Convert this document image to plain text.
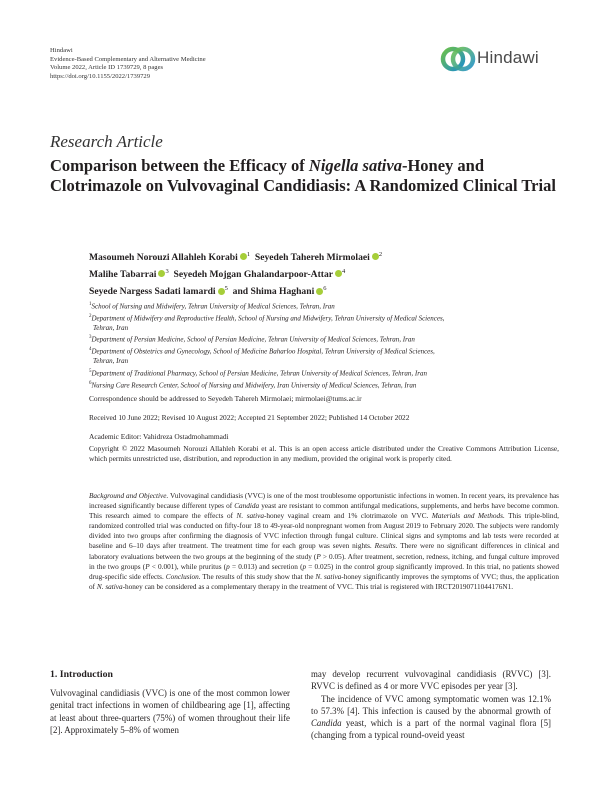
Hindawi
Evidence-Based Complementary and Alternative Medicine
Volume 2022, Article ID 1739729, 8 pages
https://doi.org/10.1155/2022/1739729
Hindawi
Research Article
Comparison between the Efficacy of Nigella sativa-Honey and Clotrimazole on Vulvovaginal Candidiasis: A Randomized Clinical Trial
Masoumeh Norouzi Allahleh Korabi $^1$ Seyedeh Tahereh Mirmolaei $^2$
Malihe Tabarrai $^3$ Seyedeh Mojgan Ghalandarpoor-Attar $^4$
Seyede Nargess Sadati lamardi $^5$ and Shima Haghani $^6$
$^1$School of Nursing and Midwifery, Tehran University of Medical Sciences, Tehran, Iran
$^2$Department of Midwifery and Reproductive Health, School of Nursing and Midwifery, Tehran University of Medical Sciences,
Tehran, Iran
$^3$Department of Persian Medicine, School of Persian Medicine, Tehran University of Medical Sciences, Tehran, Iran
$^4$Department of Obstetrics and Gynecology, School of Medicine Baharloo Hospital, Tehran University of Medical Sciences,
Tehran, Iran
$^5$Department of Traditional Pharmacy, School of Persian Medicine, Tehran University of Medical Sciences, Tehran, Iran
$^6$Nursing Care Research Center, School of Nursing and Midwifery, Iran University of Medical Sciences, Tehran, Iran
Correspondence should be addressed to Seyedeh Tahereh Mirmolaei; mirmolaei@tums.ac.ir
Received 10 June 2022; Revised 10 August 2022; Accepted 21 September 2022; Published 14 October 2022
Academic Editor: Vahidreza Ostadmohammadi
Copyright © 2022 Masoumeh Norouzi Allahleh Korabi et al. This is an open access article distributed under the Creative Commons Attribution License, which permits unrestricted use, distribution, and reproduction in any medium, provided the original work is properly cited.
Background and Objective. Vulvovaginal candidiasis (VVC) is one of the most troublesome opportunistic infections in women. In recent years, its prevalence has increased significantly because different types of Candida yeast are resistant to common antifungal medications, supplements, and herbs have become common. This research aimed to compare the effects of N. sativa-honey vaginal cream and 1% clotrimazole on VVC. Materials and Methods. This triple-blind, randomized controlled trial was conducted on fifty-four 18 to 49-year-old nonpregnant women from August 2019 to February 2020. The subjects were randomly divided into two groups after confirming the diagnosis of VVC infection through fungal culture. Clinical signs and symptoms and lab tests were recorded at baseline and 6–10 days after treatment. The treatment time for each group was seven nights. Results. There were no significant differences in clinical and laboratory evaluations between the two groups at the beginning of the study (P > 0.05). After treatment, secretion, redness, itching, and fungal culture improved in the two groups (P < 0.001), while pruritus (p = 0.013) and secretion (p = 0.025) in the control group significantly improved. In this trial, no patients showed drug-specific side effects. Conclusion. The results of this study show that the N. sativa-honey significantly improves the symptoms of VVC; thus, the application of N. sativa-honey can be considered as a complementary therapy in the treatment of VVC. This trial is registered with IRCT20190711044176N1.
1. Introduction
Vulvovaginal candidiasis (VVC) is one of the most common lower genital tract infections in women of childbearing age [1], affecting at least about three-quarters (75%) of women throughout their life [2]. Approximately 5–8% of women
may develop recurrent vulvovaginal candidiasis (RVVC) [3]. RVVC is defined as 4 or more VVC episodes per year [3].
The incidence of VVC among symptomatic women was 12.1% to 57.3% [4]. This infection is caused by the abnormal growth of Candida yeast, which is a part of the normal vaginal flora [5] (changing from a typical round-oveid yeast
